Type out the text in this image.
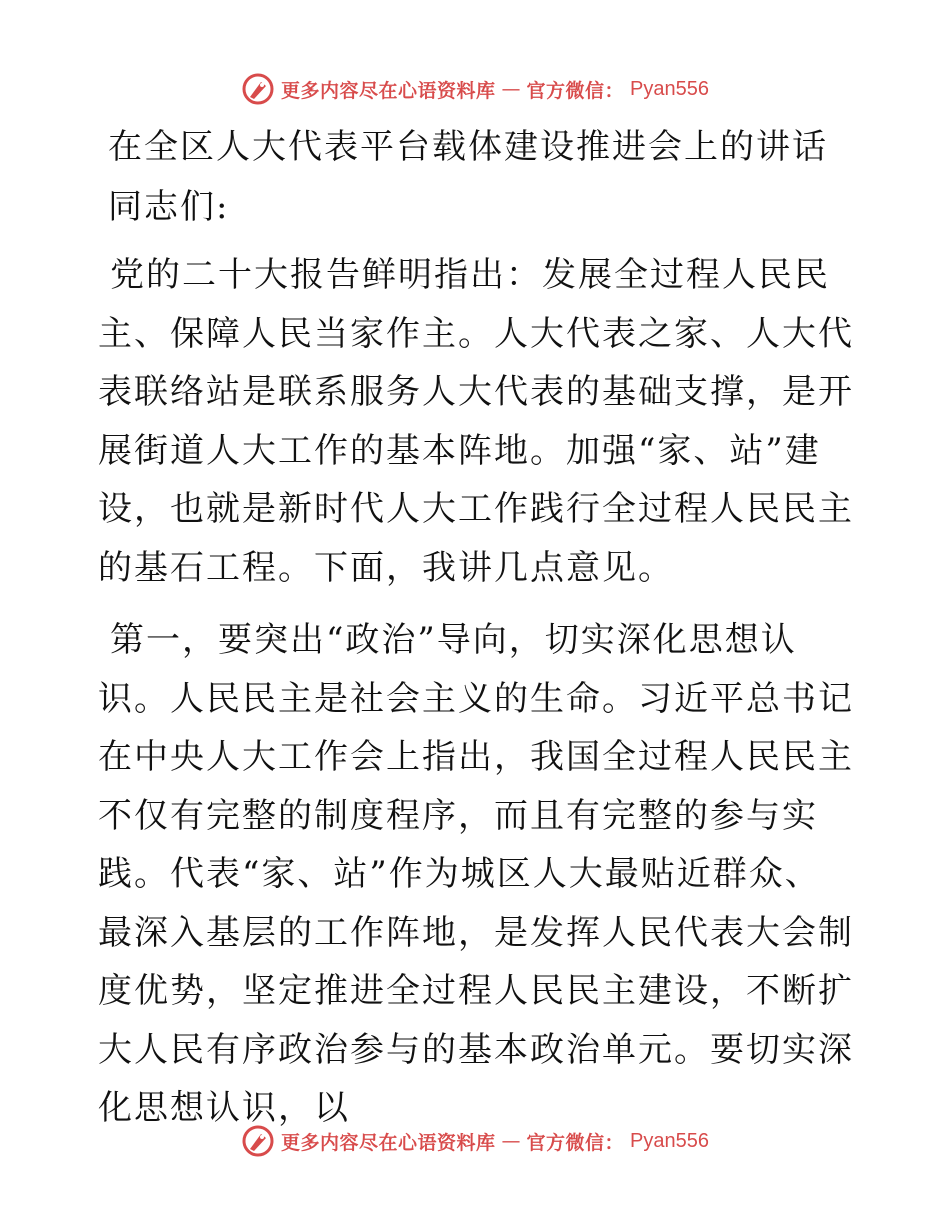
更多内容尽在心语资料库 — 官方微信： Pyan556
在全区人大代表平台载体建设推进会上的讲话

同志们:

党的二十大报告鲜明指出：发展全过程人民民主、保障人民当家作主。人大代表之家、人大代表联络站是联系服务人大代表的基础支撑，是开展街道人大工作的基本阵地。加强“家、站”建设，也就是新时代人大工作践行全过程人民民主的基石工程。下面，我讲几点意见。

第一，要突出“政治”导向，切实深化思想认识。人民民主是社会主义的生命。习近平总书记在中央人大工作会上指出，我国全过程人民民主不仅有完整的制度程序，而且有完整的参与实践。代表“家、站”作为城区人大最贴近群众、最深入基层的工作阵地，是发挥人民代表大会制度优势，坚定推进全过程人民民主建设，不断扩大人民有序政治参与的基本政治单元。要切实深化思想认识，以

更多内容尽在心语资料库 — 官方微信： Pyan556
